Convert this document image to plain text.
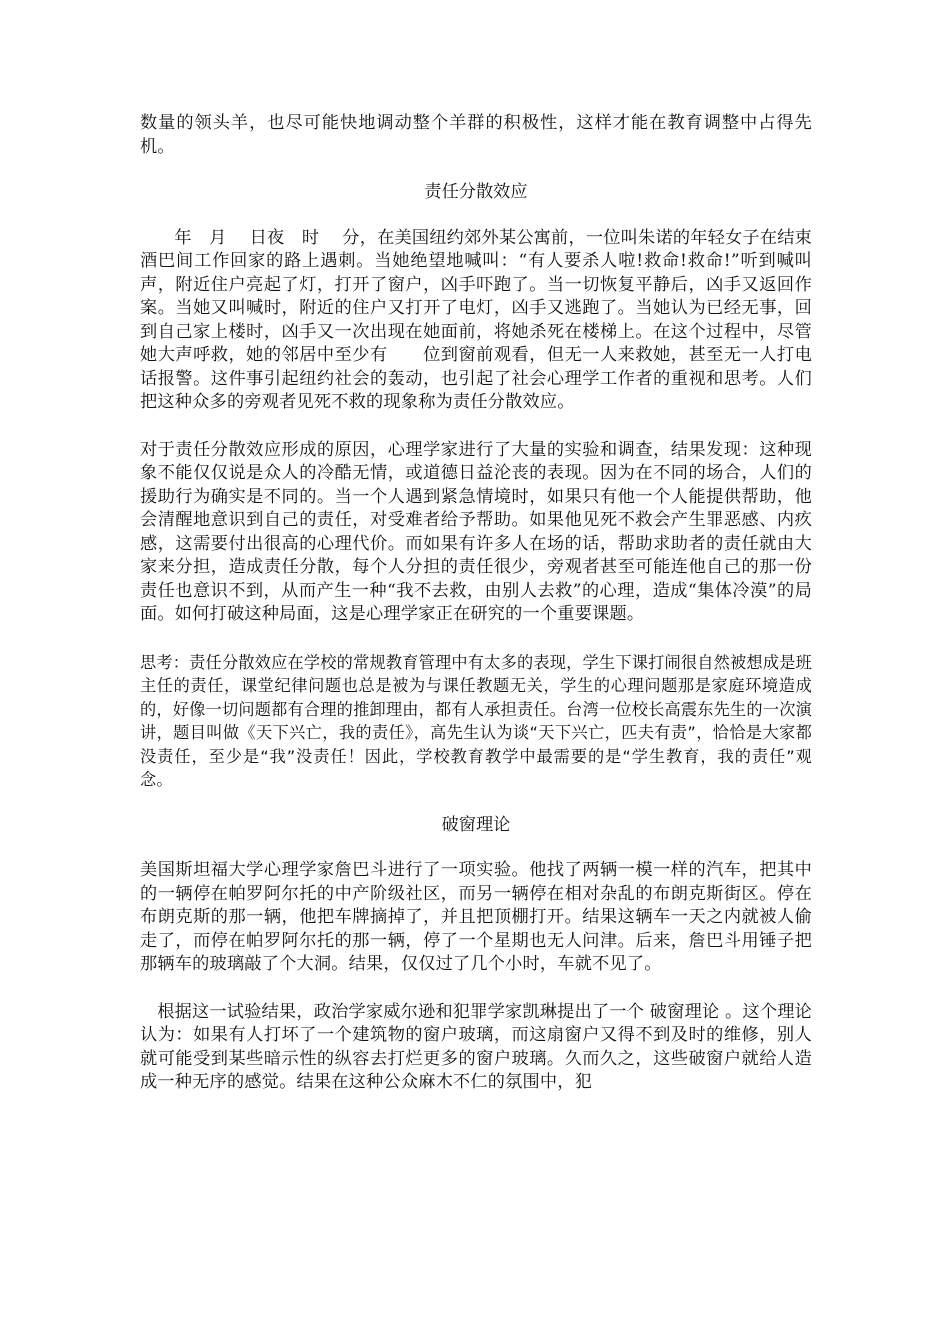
数量的领头羊，也尽可能快地调动整个羊群的积极性，这样才能在教育调整中占得先机。

责任分散效应

年　月　 日夜　时　 分，在美国纽约郊外某公寓前，一位叫朱诺的年轻女子在结束酒巴间工作回家的路上遇刺。当她绝望地喊叫：“有人要杀人啦!救命!救命!”听到喊叫声，附近住户亮起了灯，打开了窗户，凶手吓跑了。当一切恢复平静后，凶手又返回作案。当她又叫喊时，附近的住户又打开了电灯，凶手又逃跑了。当她认为已经无事，回到自己家上楼时，凶手又一次出现在她面前，将她杀死在楼梯上。在这个过程中，尽管她大声呼救，她的邻居中至少有　　位到窗前观看，但无一人来救她，甚至无一人打电话报警。这件事引起纽约社会的轰动，也引起了社会心理学工作者的重视和思考。人们把这种众多的旁观者见死不救的现象称为责任分散效应。

对于责任分散效应形成的原因，心理学家进行了大量的实验和调查，结果发现：这种现象不能仅仅说是众人的冷酷无情，或道德日益沦丧的表现。因为在不同的场合，人们的援助行为确实是不同的。当一个人遇到紧急情境时，如果只有他一个人能提供帮助，他会清醒地意识到自己的责任，对受难者给予帮助。如果他见死不救会产生罪恶感、内疚感，这需要付出很高的心理代价。而如果有许多人在场的话，帮助求助者的责任就由大家来分担，造成责任分散，每个人分担的责任很少，旁观者甚至可能连他自己的那一份责任也意识不到，从而产生一种“我不去救，由别人去救”的心理，造成“集体冷漠”的局面。如何打破这种局面，这是心理学家正在研究的一个重要课题。

思考：责任分散效应在学校的常规教育管理中有太多的表现，学生下课打闹很自然被想成是班主任的责任，课堂纪律问题也总是被为与课任教题无关，学生的心理问题那是家庭环境造成的，好像一切问题都有合理的推卸理由，都有人承担责任。台湾一位校长高震东先生的一次演讲，题目叫做《天下兴亡，我的责任》，高先生认为谈“天下兴亡，匹夫有责”，恰恰是大家都没责任，至少是“我”没责任！因此，学校教育教学中最需要的是“学生教育，我的责任”观念。

破窗理论

美国斯坦福大学心理学家詹巴斗进行了一项实验。他找了两辆一模一样的汽车，把其中的一辆停在帕罗阿尔托的中产阶级社区，而另一辆停在相对杂乱的布朗克斯街区。停在布朗克斯的那一辆，他把车牌摘掉了，并且把顶棚打开。结果这辆车一天之内就被人偷走了，而停在帕罗阿尔托的那一辆，停了一个星期也无人问津。后来，詹巴斗用锤子把那辆车的玻璃敲了个大洞。结果，仅仅过了几个小时，车就不见了。

根据这一试验结果，政治学家威尔逊和犯罪学家凯琳提出了一个 破窗理论 。这个理论认为：如果有人打坏了一个建筑物的窗户玻璃，而这扇窗户又得不到及时的维修，别人就可能受到某些暗示性的纵容去打烂更多的窗户玻璃。久而久之，这些破窗户就给人造成一种无序的感觉。结果在这种公众麻木不仁的氛围中，犯
